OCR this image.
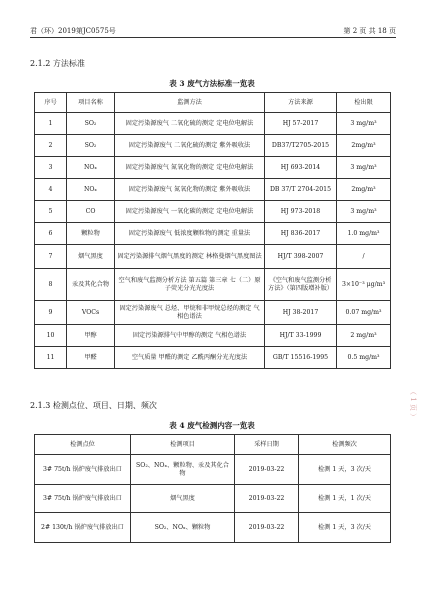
君（环）2019第JC0575号	第 2 页 共 18 页
2.1.2 方法标准
表 3 废气方法标准一览表
序号	项目名称	监测方法	方法来源	检出限
1	SO₂	固定污染源废气 二氧化硫的测定 定电位电解法	HJ 57-2017	3 mg/m³
2	SO₂	固定污染源废气 二氧化硫的测定 紫外吸收法	DB37/T2705-2015	2mg/m³
3	NOₓ	固定污染源废气 氮氧化物的测定 定电位电解法	HJ 693-2014	3 mg/m³
4	NOₓ	固定污染源废气 氮氧化物的测定 紫外吸收法	DB 37/T 2704-2015	2mg/m³
5	CO	固定污染源废气 一氧化碳的测定 定电位电解法	HJ 973-2018	3 mg/m³
6	颗粒物	固定污染源废气 低浓度颗粒物的测定 重量法	HJ 836-2017	1.0 mg/m³
7	烟气黑度	固定污染源排气烟气黑度的测定 林格曼烟气黑度图法	HJ/T 398-2007	/
8	汞及其化合物	空气和废气监测分析方法 第五篇 第三章 七（二）原子荧光分光光度法	《空气和废气监测分析方法》（第四版增补版）	3×10⁻³ μg/m³
9	VOCs	固定污染源废气 总烃、甲烷和非甲烷总烃的测定 气相色谱法	HJ 38-2017	0.07 mg/m³
10	甲醇	固定污染源排气中甲醇的测定 气相色谱法	HJ/T 33-1999	2 mg/m³
11	甲醛	空气质量 甲醛的测定 乙酰丙酮分光光度法	GB/T 15516-1995	0.5 mg/m³
2.1.3 检测点位、项目、日期、频次
表 4 废气检测内容一览表
检测点位	检测项目	采样日期	检测频次
3# 75t/h 锅炉废气排放出口	SO₂、NOₓ、颗粒物、汞及其化合物	2019-03-22	检测 1 天，3 次/天
3# 75t/h 锅炉废气排放出口	烟气黑度	2019-03-22	检测 1 天，1 次/天
2# 130t/h 锅炉废气排放出口	SO₂、NOₓ、颗粒物	2019-03-22	检测 1 天，3 次/天
（ 1 页 ）
